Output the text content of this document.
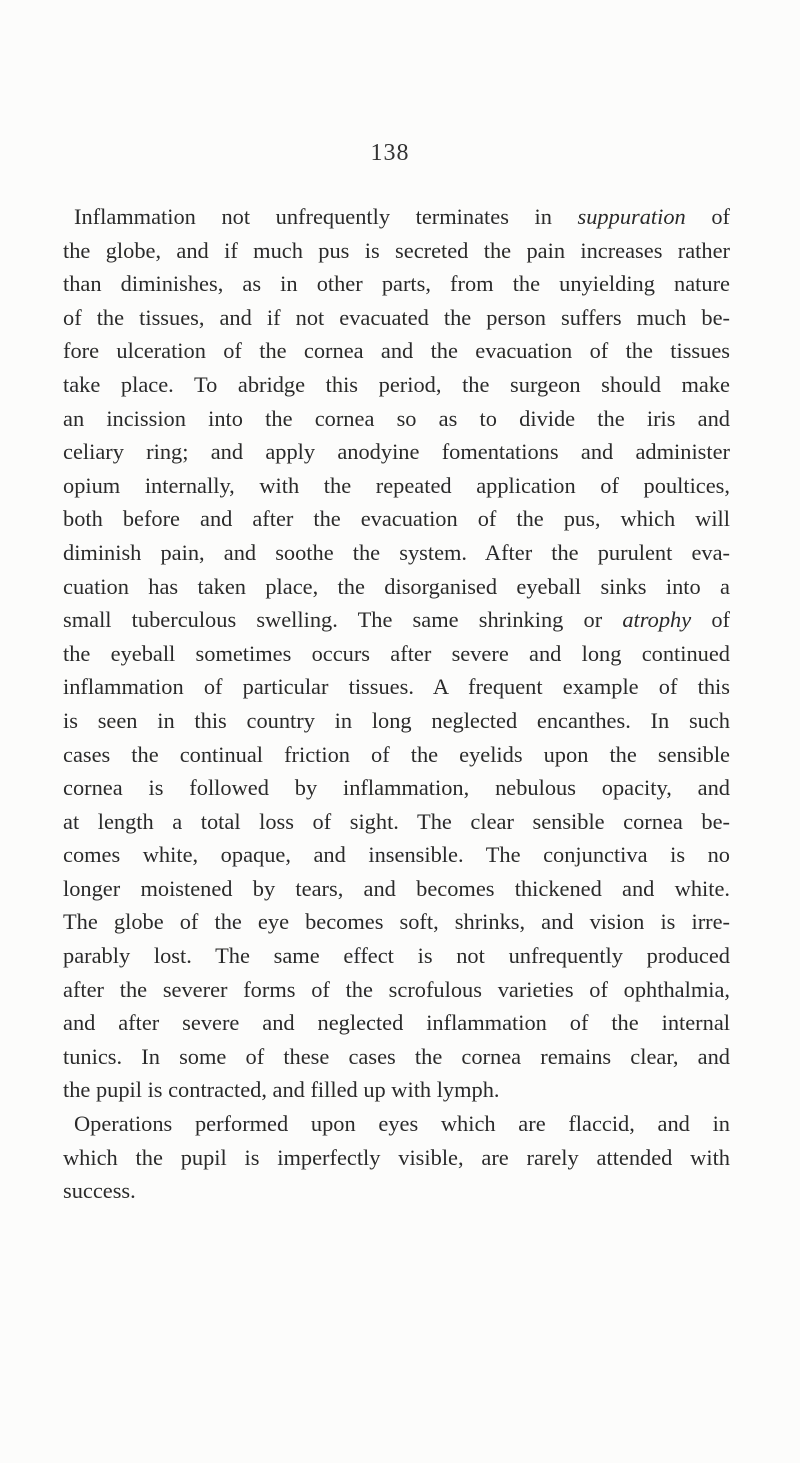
138
Inflammation not unfrequently terminates in suppuration of
the globe, and if much pus is secreted the pain increases rather
than diminishes, as in other parts, from the unyielding nature
of the tissues, and if not evacuated the person suffers much be-
fore ulceration of the cornea and the evacuation of the tissues
take place. To abridge this period, the surgeon should make
an incission into the cornea so as to divide the iris and
celiary ring; and apply anodyine fomentations and administer
opium internally, with the repeated application of poultices,
both before and after the evacuation of the pus, which will
diminish pain, and soothe the system. After the purulent eva-
cuation has taken place, the disorganised eyeball sinks into a
small tuberculous swelling. The same shrinking or atrophy of
the eyeball sometimes occurs after severe and long continued
inflammation of particular tissues. A frequent example of this
is seen in this country in long neglected encanthes. In such
cases the continual friction of the eyelids upon the sensible
cornea is followed by inflammation, nebulous opacity, and
at length a total loss of sight. The clear sensible cornea be-
comes white, opaque, and insensible. The conjunctiva is no
longer moistened by tears, and becomes thickened and white.
The globe of the eye becomes soft, shrinks, and vision is irre-
parably lost. The same effect is not unfrequently produced
after the severer forms of the scrofulous varieties of ophthalmia,
and after severe and neglected inflammation of the internal
tunics. In some of these cases the cornea remains clear, and
the pupil is contracted, and filled up with lymph.
Operations performed upon eyes which are flaccid, and in
which the pupil is imperfectly visible, are rarely attended with
success.
